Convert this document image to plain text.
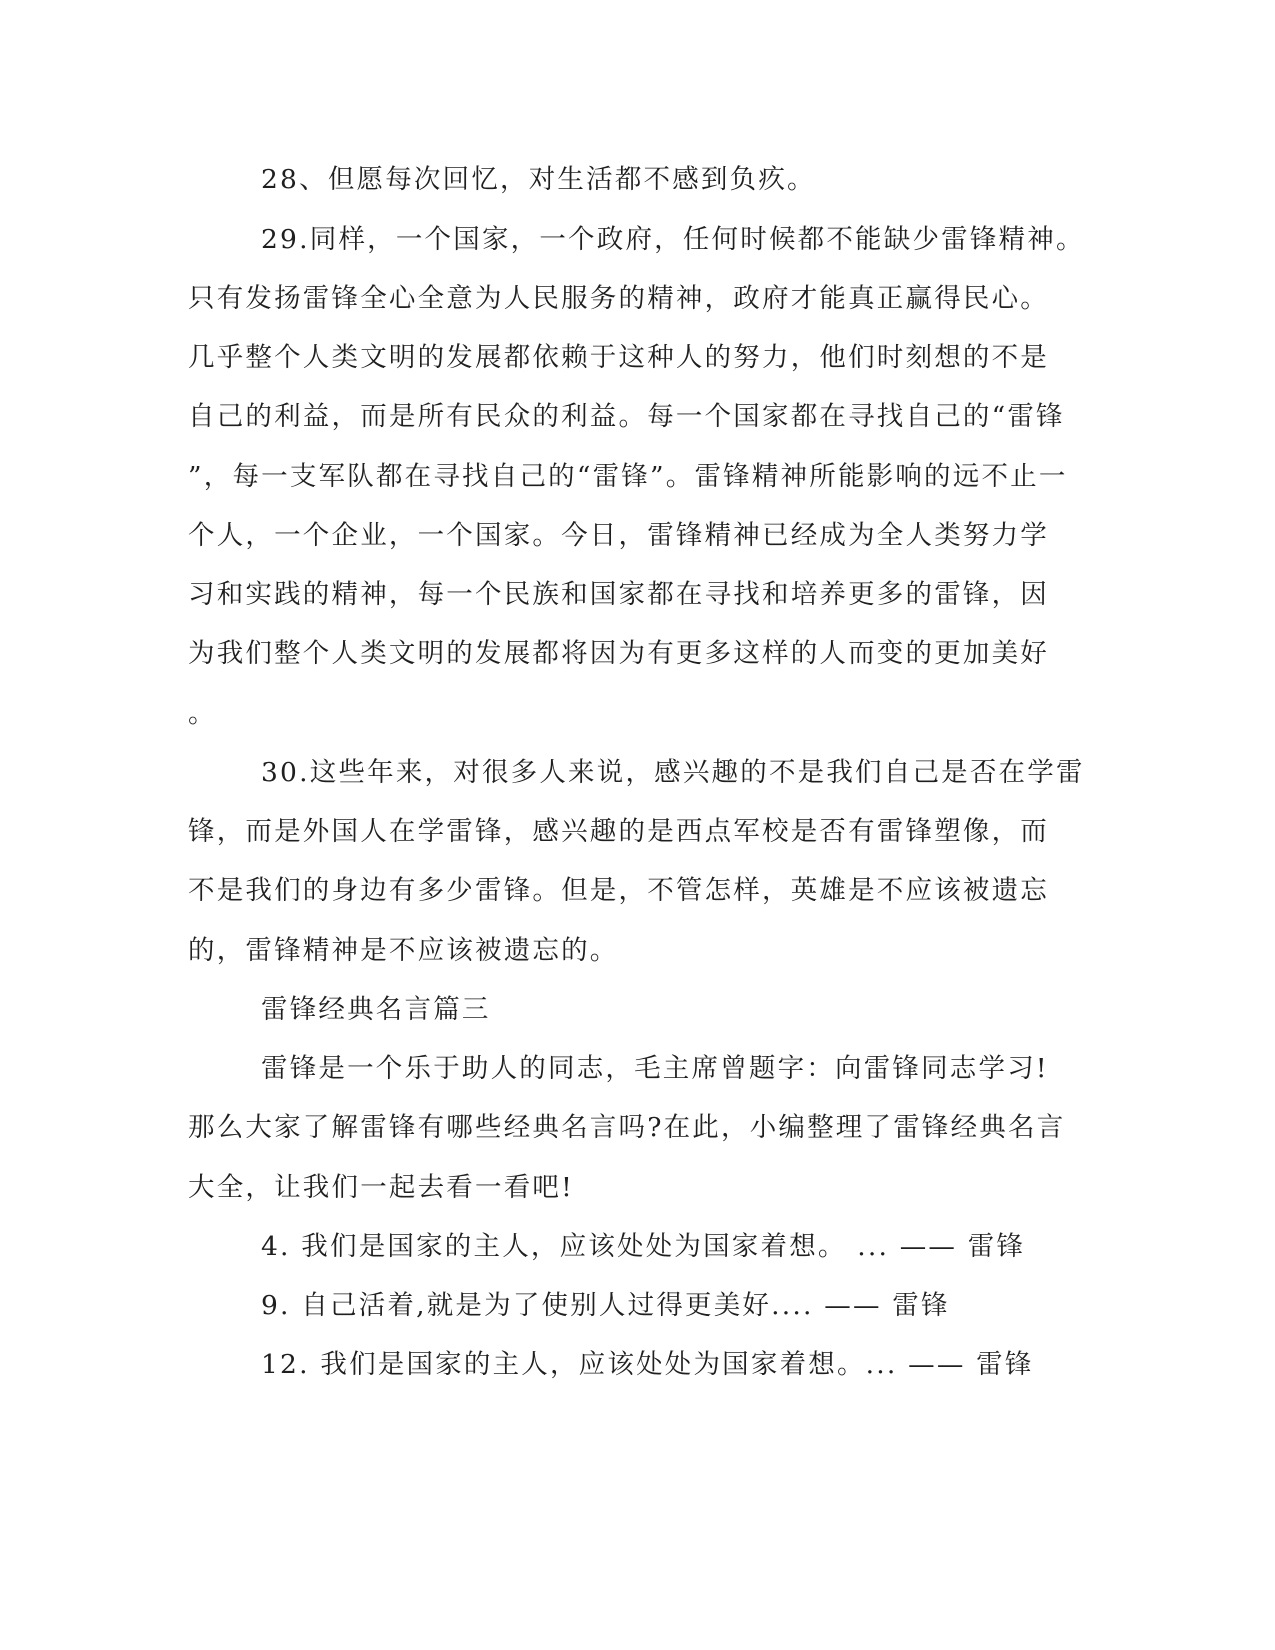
28、但愿每次回忆，对生活都不感到负疚。
29.同样，一个国家，一个政府，任何时候都不能缺少雷锋精神。
只有发扬雷锋全心全意为人民服务的精神，政府才能真正赢得民心。
几乎整个人类文明的发展都依赖于这种人的努力，他们时刻想的不是
自己的利益，而是所有民众的利益。每一个国家都在寻找自己的“雷锋
”，每一支军队都在寻找自己的“雷锋”。雷锋精神所能影响的远不止一
个人，一个企业，一个国家。今日，雷锋精神已经成为全人类努力学
习和实践的精神，每一个民族和国家都在寻找和培养更多的雷锋，因
为我们整个人类文明的发展都将因为有更多这样的人而变的更加美好
。
30.这些年来，对很多人来说，感兴趣的不是我们自己是否在学雷
锋，而是外国人在学雷锋，感兴趣的是西点军校是否有雷锋塑像，而
不是我们的身边有多少雷锋。但是，不管怎样，英雄是不应该被遗忘
的，雷锋精神是不应该被遗忘的。
雷锋经典名言篇三
雷锋是一个乐于助人的同志，毛主席曾题字：向雷锋同志学习!
那么大家了解雷锋有哪些经典名言吗?在此，小编整理了雷锋经典名言
大全，让我们一起去看一看吧!
4. 我们是国家的主人，应该处处为国家着想。 ... —— 雷锋
9. 自己活着,就是为了使别人过得更美好.... —— 雷锋
12. 我们是国家的主人，应该处处为国家着想。... —— 雷锋
